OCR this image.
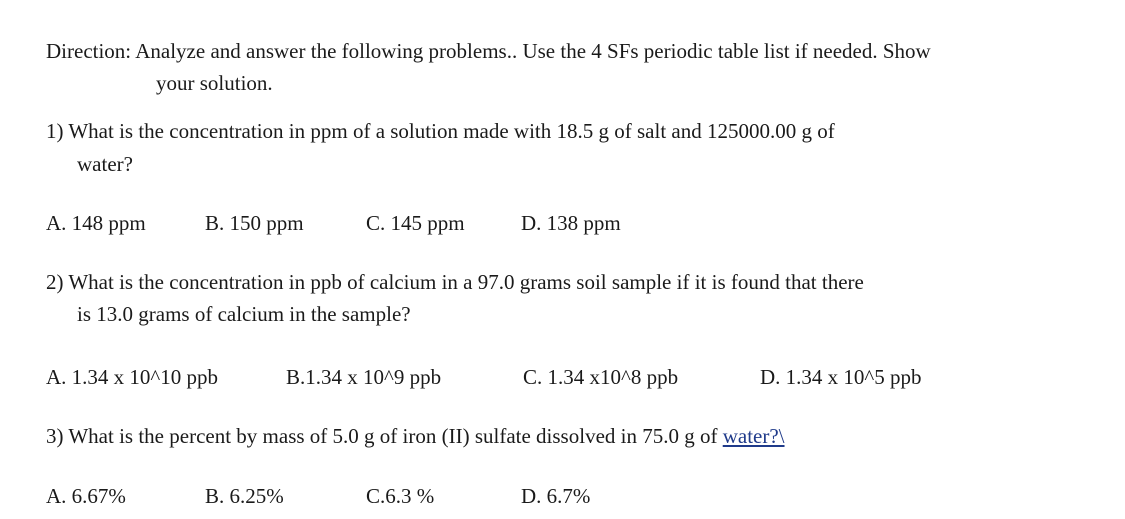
Direction: Analyze and answer the following problems.. Use the 4 SFs periodic table list if needed. Show
your solution.
1) What is the concentration in ppm of a solution made with 18.5 g of salt and 125000.00 g of
water?
A. 148 ppm	B. 150 ppm	C. 145 ppm	D. 138 ppm
2) What is the concentration in ppb of calcium in a 97.0 grams soil sample if it is found that there
is 13.0 grams of calcium in the sample?
A. 1.34 x 10^10 ppb	B.1.34 x 10^9 ppb	C. 1.34 x10^8 ppb	D. 1.34 x 10^5 ppb
3) What is the percent by mass of 5.0 g of iron (II) sulfate dissolved in 75.0 g of water?\
A. 6.67%	B. 6.25%	C.6.3 %	D. 6.7%
